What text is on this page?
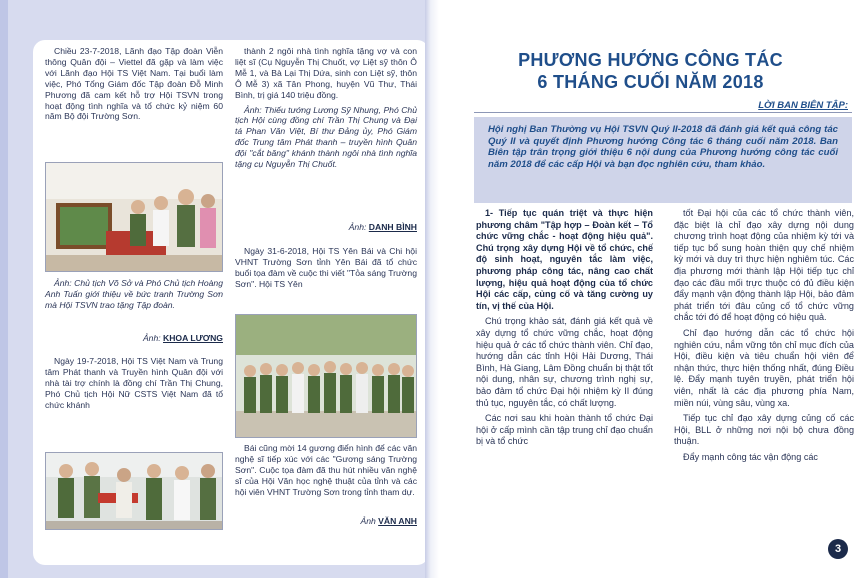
Chiều 23-7-2018, Lãnh đạo Tập đoàn Viễn thông Quân đội – Viettel đã gặp và làm việc với Lãnh đạo Hội TS Việt Nam. Tại buổi làm việc, Phó Tổng Giám đốc Tập đoàn Đỗ Minh Phương đã cam kết hỗ trợ Hội TSVN trong hoạt động tình nghĩa và tổ chức kỷ niệm 60 năm Bộ đội Trường Sơn.

Ảnh: Chủ tịch Võ Sở và Phó Chủ tịch Hoàng Anh Tuấn giới thiệu về bức tranh Trường Sơn mà Hội TSVN trao tặng Tập đoàn.

Ảnh: KHOA LƯƠNG

Ngày 19-7-2018, Hội TS Việt Nam và Trung tâm Phát thanh và Truyền hình Quân đội với nhà tài trợ chính là đồng chí Trần Thị Chung, Phó Chủ tịch Hội Nữ CSTS Việt Nam đã tổ chức khánh

thành 2 ngôi nhà tình nghĩa tặng vợ và con liệt sĩ (Cụ Nguyễn Thị Chuốt, vợ Liệt sỹ thôn Ô Mễ 1, và Bà Lại Thị Dứa, sinh con Liệt sỹ, thôn Ô Mễ 3) xã Tân Phong, huyện Vũ Thư, Thái Bình, trị giá 140 triệu đồng.

Ảnh: Thiếu tướng Lương Sỹ Nhung, Phó Chủ tịch Hội cùng đồng chí Trần Thị Chung và Đại tá Phan Văn Việt, Bí thư Đảng ủy, Phó Giám đốc Trung tâm Phát thanh – truyền hình Quân đội "cắt băng" khánh thành ngôi nhà tình nghĩa tặng cụ Nguyễn Thị Chuốt.

Ảnh: DANH BÌNH

Ngày 31-6-2018, Hội TS Yên Bái và Chi hội VHNT Trường Sơn tỉnh Yên Bái đã tổ chức buổi tọa đàm về cuộc thi viết "Tỏa sáng Trường Sơn". Hội TS Yên

Bái cũng mời 14 gương điển hình để các văn nghệ sĩ tiếp xúc với các "Gương sáng Trường Sơn". Cuộc tọa đàm đã thu hút nhiều văn nghệ sĩ của Hội Văn học nghệ thuật của tỉnh và các hội viên VHNT Trường Sơn trong tỉnh tham dự.

Ảnh VĂN ANH
PHƯƠNG HƯỚNG CÔNG TÁC
6 THÁNG CUỐI NĂM 2018
LỜI BAN BIÊN TẬP:
Hội nghị Ban Thường vụ Hội TSVN Quý II-2018 đã đánh giá kết quả công tác Quý II và quyết định Phương hướng Công tác 6 tháng cuối năm 2018. Ban Biên tập trân trọng giới thiệu 6 nội dung của Phương hướng công tác cuối năm 2018 để các cấp Hội và bạn đọc nghiên cứu, tham khảo.

1- Tiếp tục quán triệt và thực hiện phương châm "Tập hợp – Đoàn kết – Tổ chức vững chắc - hoạt động hiệu quả". Chú trọng xây dựng Hội về tổ chức, chế độ sinh hoạt, nguyên tắc làm việc, phương pháp công tác, nâng cao chất lượng, hiệu quả hoạt động của tổ chức Hội các cấp, củng cố và tăng cường uy tín, vị thế của Hội.

Chú trọng khảo sát, đánh giá kết quả về xây dựng tổ chức vững chắc, hoạt động hiệu quả ở các tổ chức thành viên. Chỉ đạo, hướng dẫn các tỉnh Hội Hải Dương, Thái Bình, Hà Giang, Lâm Đồng chuẩn bị thật tốt nội dung, nhân sự, chương trình nghị sự, bảo đảm tổ chức Đại hội nhiệm kỳ II đúng thủ tục, nguyên tắc, có chất lượng.

Các nơi sau khi hoàn thành tổ chức Đại hội ở cấp mình cần tập trung chỉ đạo chuẩn bị và tổ chức

tốt Đại hội của các tổ chức thành viên, đặc biệt là chỉ đạo xây dựng nội dung chương trình hoạt động của nhiệm kỳ tới và tiếp tục bổ sung hoàn thiện quy chế nhiệm kỳ mới và duy trì thực hiện nghiêm túc. Các địa phương mới thành lập Hội tiếp tục chỉ đạo các đầu mối trực thuộc có đủ điều kiện đẩy mạnh vận động thành lập Hội, bảo đảm phát triển tới đâu củng cố tổ chức vững chắc tới đó để hoạt động có hiệu quả.

Chỉ đạo hướng dẫn các tổ chức hội nghiên cứu, nắm vững tôn chỉ mục đích của Hội, điều kiện và tiêu chuẩn hội viên để nhận thức, thực hiện thống nhất, đúng Điều lệ. Đẩy mạnh tuyên truyền, phát triển hội viên, nhất là các địa phương phía Nam, miền núi, vùng sâu, vùng xa.

Tiếp tục chỉ đạo xây dựng củng cố các Hội, BLL ở những nơi nội bộ chưa đồng thuận.

Đẩy mạnh công tác vận động các

3
